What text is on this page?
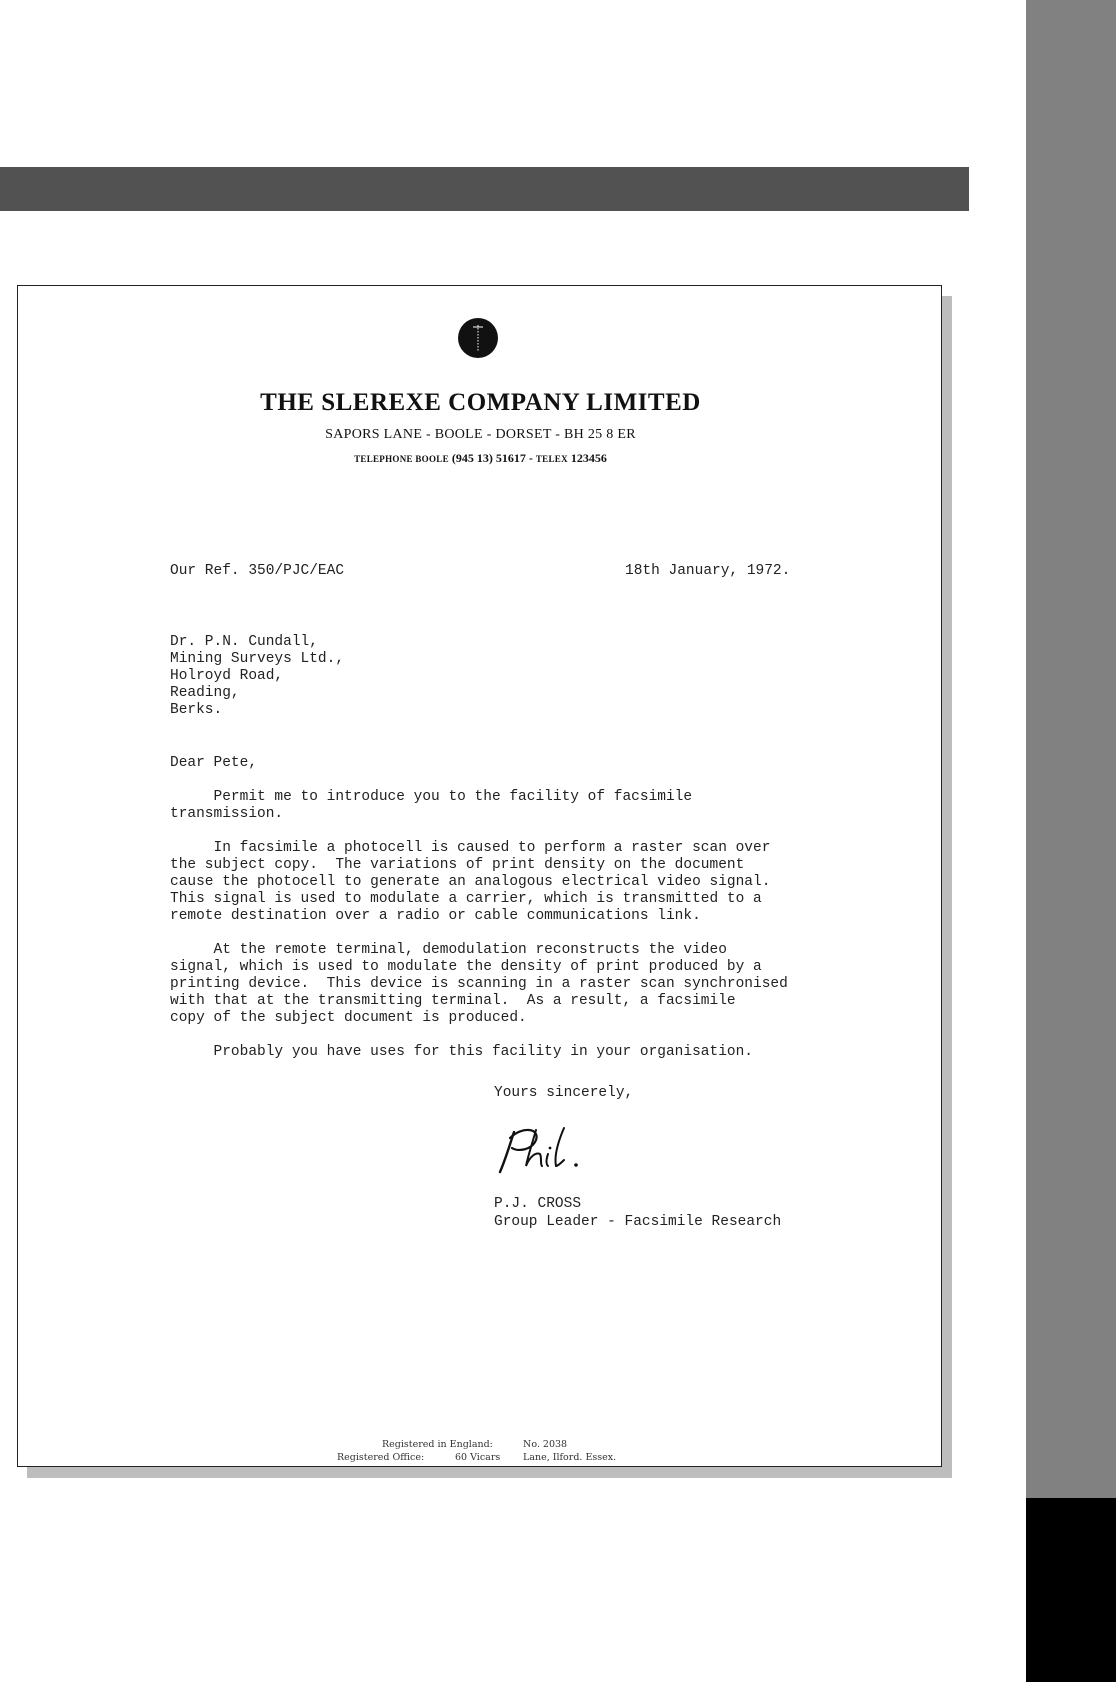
THE SLEREXE COMPANY LIMITED
SAPORS LANE - BOOLE - DORSET - BH 25 8 ER
TELEPHONE BOOLE (945 13) 51617 - TELEX 123456
Our Ref. 350/PJC/EAC	18th January, 1972.
Dr. P.N. Cundall,
Mining Surveys Ltd.,
Holroyd Road,
Reading,
Berks.
Dear Pete,
Permit me to introduce you to the facility of facsimile
transmission.
In facsimile a photocell is caused to perform a raster scan over
the subject copy.  The variations of print density on the document
cause the photocell to generate an analogous electrical video signal.
This signal is used to modulate a carrier, which is transmitted to a
remote destination over a radio or cable communications link.
At the remote terminal, demodulation reconstructs the video
signal, which is used to modulate the density of print produced by a
printing device.  This device is scanning in a raster scan synchronised
with that at the transmitting terminal.  As a result, a facsimile
copy of the subject document is produced.
Probably you have uses for this facility in your organisation.
Yours sincerely,
P.J. CROSS
Group Leader - Facsimile Research
Registered in England:	No. 2038
Registered Office:	60 Vicars Lane, Ilford. Essex.
